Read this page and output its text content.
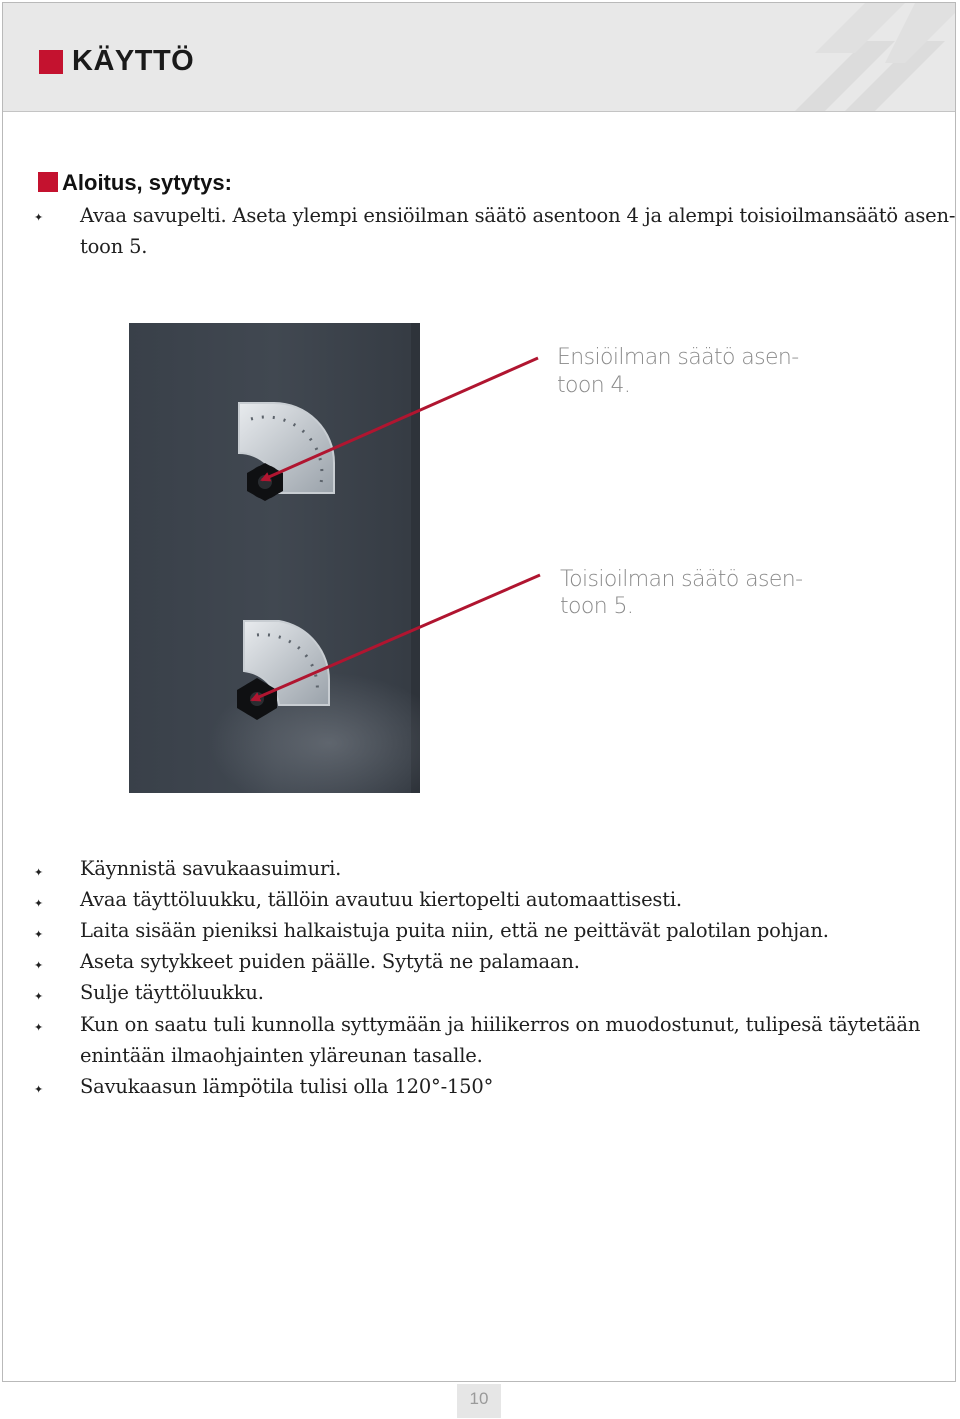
KÄYTTÖ
Aloitus, sytytys:
✦ Avaa savupelti. Aseta ylempi ensiöilman säätö asentoon 4 ja alempi toisioilmansäätö asen-
toon 5.
Ensiöilman säätö asen-
toon 4.
Toisioilman säätö asen-
toon 5.
✦ Käynnistä savukaasuimuri.
✦ Avaa täyttöluukku, tällöin avautuu kiertopelti automaattisesti.
✦ Laita sisään pieniksi halkaistuja puita niin, että ne peittävät palotilan pohjan.
✦ Aseta sytykkeet puiden päälle. Sytytä ne palamaan.
✦ Sulje täyttöluukku.
✦ Kun on saatu tuli kunnolla syttymään ja hiilikerros on muodostunut, tulipesä täytetään
enintään ilmaohjainten yläreunan tasalle.
✦ Savukaasun lämpötila tulisi olla 120°-150°
10
